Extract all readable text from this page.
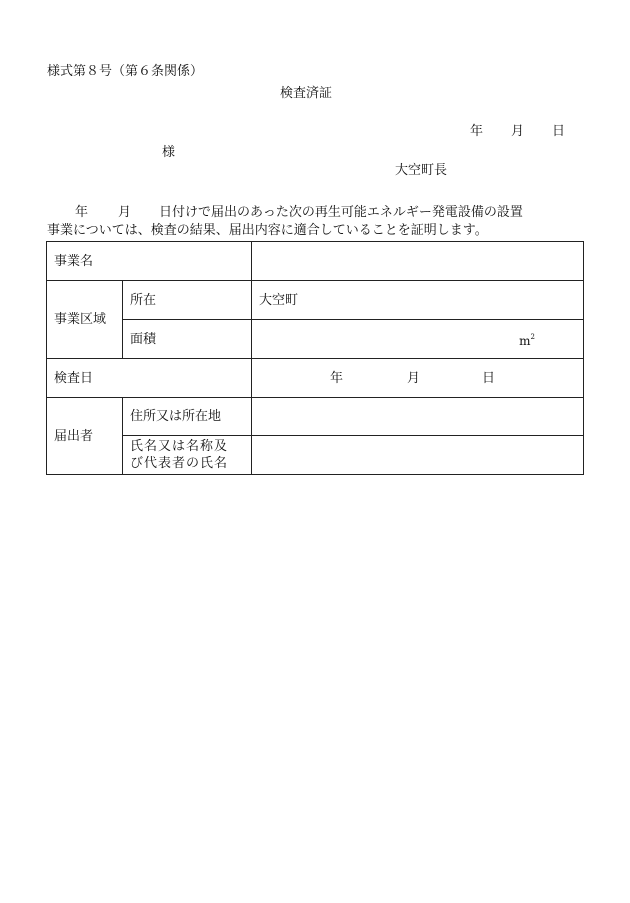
様式第８号（第６条関係）
検査済証
年 月 日
様
大空町長
年 月 日付けで届出のあった次の再生可能エネルギー発電設備の設置
事業については、検査の結果、届出内容に適合していることを証明します。
事業名		
事業区域	所在	大空町
	面積	$m^2$
検査日		年 月 日
届出者	住所又は所在地	
	氏名又は名称及
び代表者の氏名	
